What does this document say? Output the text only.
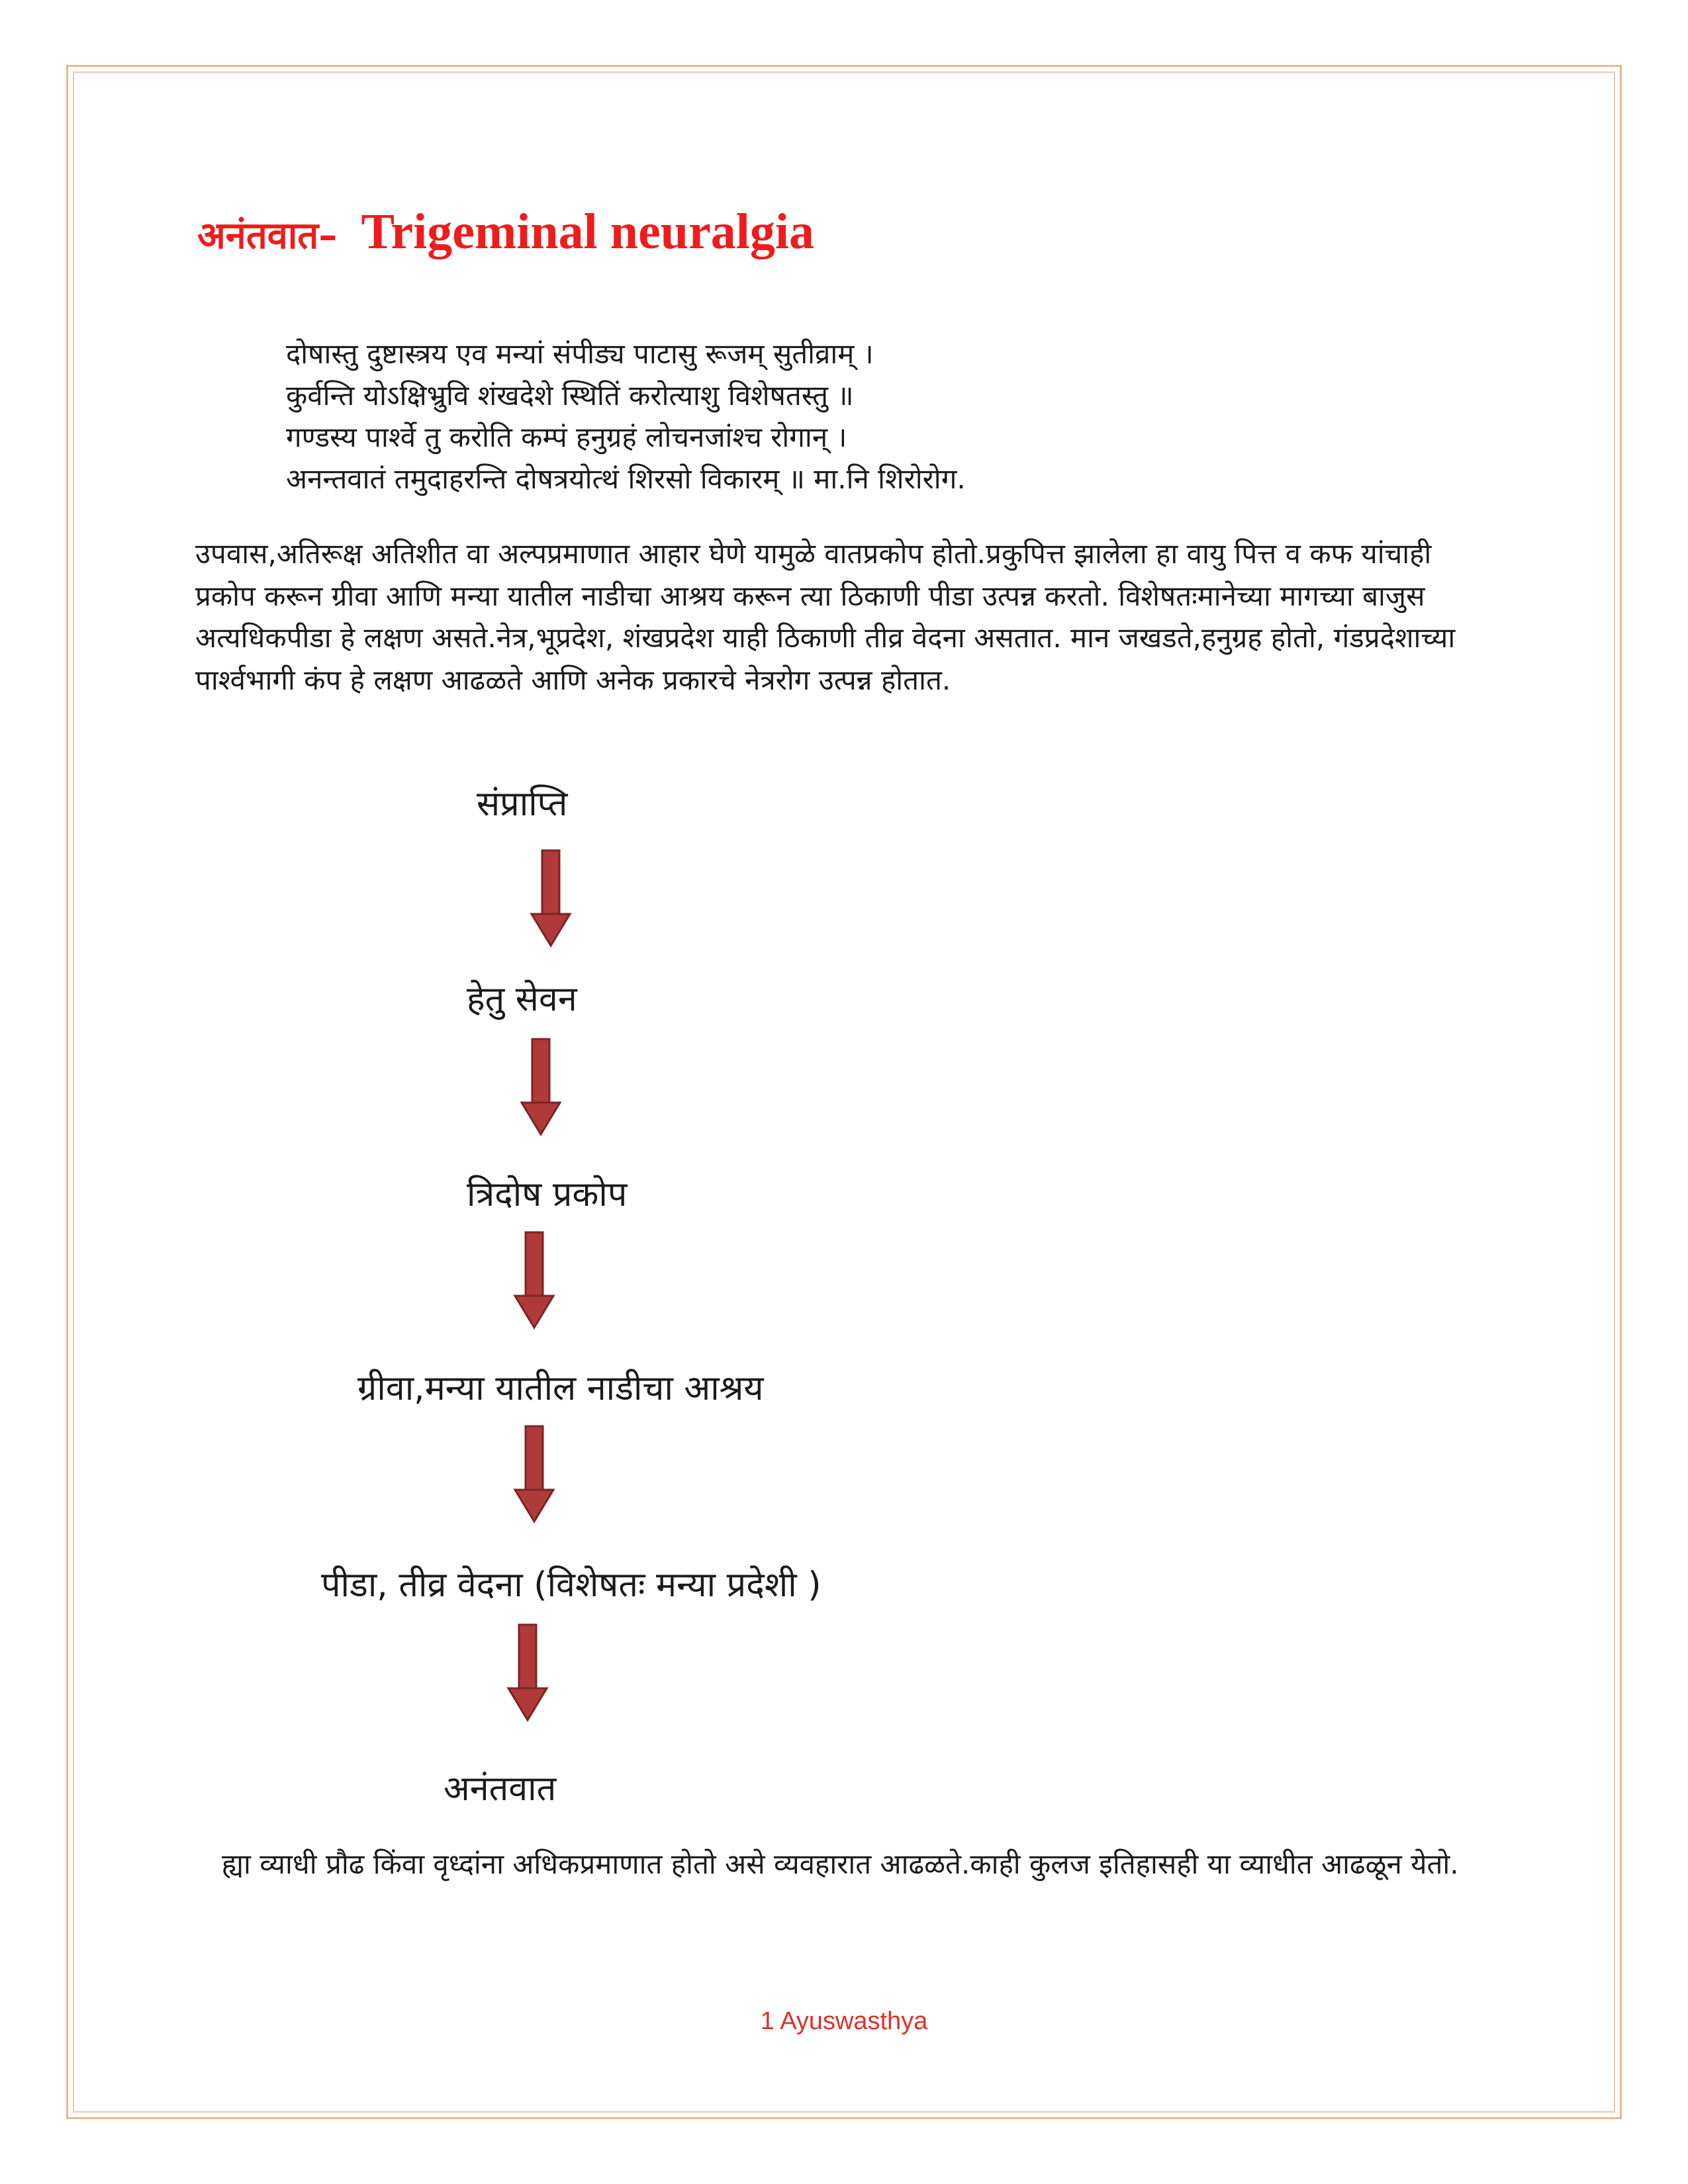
अनंतवात– Trigeminal neuralgia
दोषास्तु दुष्टास्त्रय एव मन्यां संपीड्य पाटासु रूजम् सुतीव्राम् ।
कुर्वन्ति योऽक्षिभ्रुवि शंखदेशे स्थितिं करोत्याशु विशेषतस्तु ॥
गण्डस्य पार्श्वे तु करोति कम्पं हनुग्रहं लोचनजांश्च रोगान् ।
अनन्तवातं तमुदाहरन्ति दोषत्रयोत्थं शिरसो विकारम् ॥ मा.नि शिरोरोग.
उपवास,अतिरूक्ष अतिशीत वा अल्पप्रमाणात आहार घेणे यामुळे वातप्रकोप होतो.प्रकुपित्त झालेला हा वायु पित्त व कफ यांचाही प्रकोप करून ग्रीवा आणि मन्या यातील नाडीचा आश्रय करून त्या ठिकाणी पीडा उत्पन्न करतो. विशेषतःमानेच्या मागच्या बाजुस अत्यधिकपीडा हे लक्षण असते.नेत्र,भूप्रदेश, शंखप्रदेश याही ठिकाणी तीव्र वेदना असतात. मान जखडते,हनुग्रह होतो, गंडप्रदेशाच्या पार्श्वभागी कंप हे लक्षण आढळते आणि अनेक प्रकारचे नेत्ररोग उत्पन्न होतात.
संप्राप्ति
हेतु सेवन
त्रिदोष प्रकोप
ग्रीवा,मन्या यातील नाडीचा आश्रय
पीडा, तीव्र वेदना (विशेषतः मन्या प्रदेशी )
अनंतवात
ह्या व्याधी प्रौढ किंवा वृध्दांना अधिकप्रमाणात होतो असे व्यवहारात आढळते.काही कुलज इतिहासही या व्याधीत आढळून येतो.
1 Ayuswasthya
